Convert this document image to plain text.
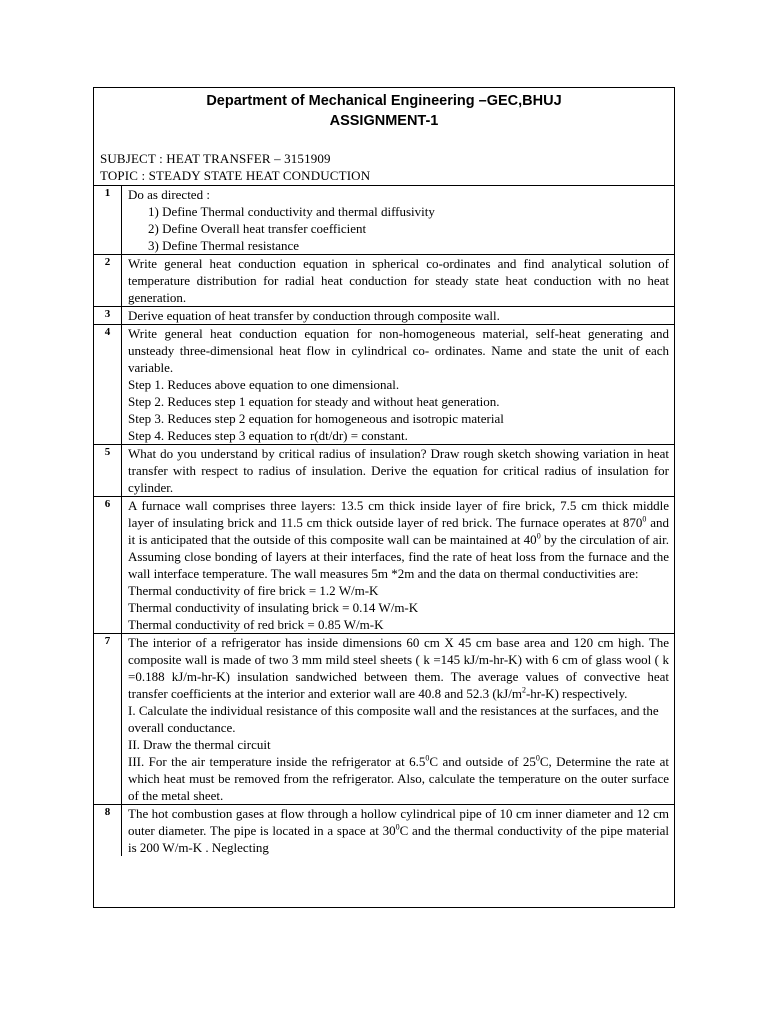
Department of Mechanical Engineering –GEC,BHUJ
ASSIGNMENT-1
SUBJECT : HEAT TRANSFER – 3151909
TOPIC : STEADY STATE HEAT CONDUCTION
1	Do as directed :

1) Define Thermal conductivity and thermal diffusivity

2) Define Overall heat transfer coefficient

3) Define Thermal resistance

2	Write general heat conduction equation in spherical co-ordinates and find analytical solution of temperature distribution for radial heat conduction for steady state heat conduction with no heat generation.

3	Derive equation of heat transfer by conduction through composite wall.

4	Write general heat conduction equation for non-homogeneous material, self-heat generating and unsteady three-dimensional heat flow in cylindrical co- ordinates. Name and state the unit of each variable.

Step 1. Reduces above equation to one dimensional.

Step 2. Reduces step 1 equation for steady and without heat generation.

Step 3. Reduces step 2 equation for homogeneous and isotropic material

Step 4. Reduces step 3 equation to r(dt/dr) = constant.

5	What do you understand by critical radius of insulation? Draw rough sketch showing variation in heat transfer with respect to radius of insulation. Derive the equation for critical radius of insulation for cylinder.

6	A furnace wall comprises three layers: 13.5 cm thick inside layer of fire brick, 7.5 cm thick middle layer of insulating brick and 11.5 cm thick outside layer of red brick. The furnace operates at $870^0$ and it is anticipated that the outside of this composite wall can be maintained at $40^0$ by the circulation of air. Assuming close bonding of layers at their interfaces, find the rate of heat loss from the furnace and the wall interface temperature. The wall measures 5m *2m and the data on thermal conductivities are:

Thermal conductivity of fire brick = 1.2 W/m-K

Thermal conductivity of insulating brick = 0.14 W/m-K

Thermal conductivity of red brick = 0.85 W/m-K

7	The interior of a refrigerator has inside dimensions 60 cm X 45 cm base area and 120 cm high. The composite wall is made of two 3 mm mild steel sheets ( k =145 kJ/m-hr-K) with 6 cm of glass wool ( k =0.188 kJ/m-hr-K) insulation sandwiched between them. The average values of convective heat transfer coefficients at the interior and exterior wall are 40.8 and 52.3 $(kJ/m^2-hr-K)$ respectively.

I. Calculate the individual resistance of this composite wall and the resistances at the surfaces, and the overall conductance.

II. Draw the thermal circuit

III. For the air temperature inside the refrigerator at $6.5^0C$ and outside of $25^0C$, Determine the rate at which heat must be removed from the refrigerator. Also, calculate the temperature on the outer surface of the metal sheet.

8	The hot combustion gases at flow through a hollow cylindrical pipe of 10 cm inner diameter and 12 cm outer diameter. The pipe is located in a space at $30^0C$ and the thermal conductivity of the pipe material is 200 W/m-K . Neglecting
